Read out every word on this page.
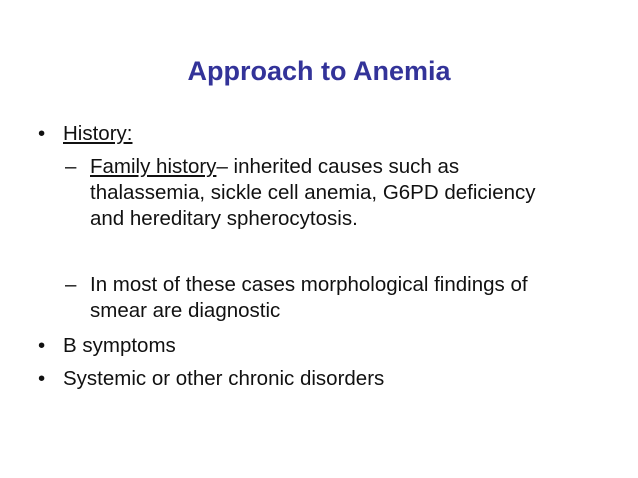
Approach to Anemia
• History:
– Family history– inherited causes such as
thalassemia, sickle cell anemia, G6PD deficiency
and hereditary spherocytosis.
– In most of these cases morphological findings of
smear are diagnostic
• B symptoms
• Systemic or other chronic disorders
